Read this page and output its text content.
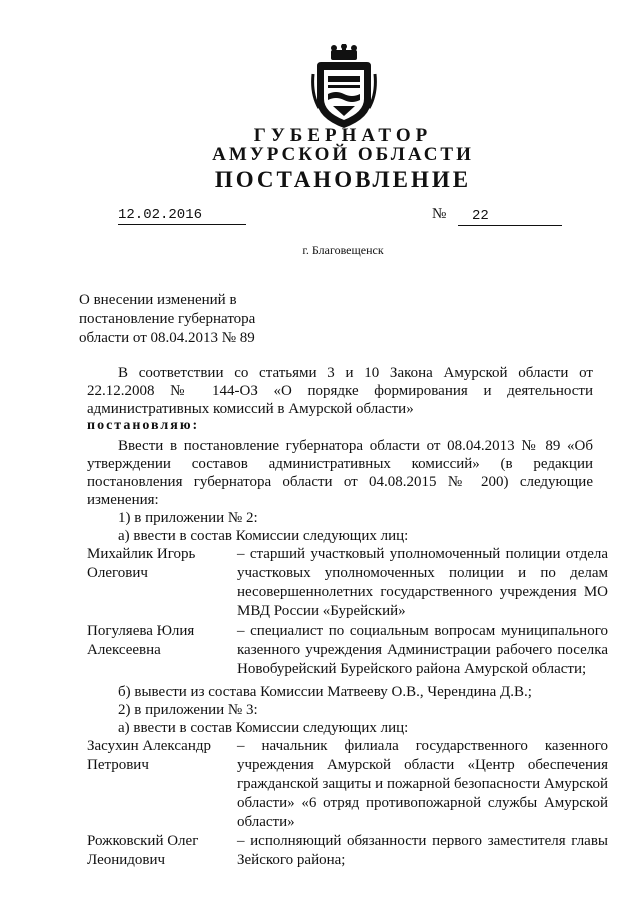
ГУБЕРНАТОР
АМУРСКОЙ ОБЛАСТИ
ПОСТАНОВЛЕНИЕ
12.02.2016	№	22
г. Благовещенск
О внесении изменений в
постановление губернатора
области от 08.04.2013 № 89
В соответствии со статьями 3 и 10 Закона Амурской области от 22.12.2008 № 144-ОЗ «О порядке формирования и деятельности административных комиссий в Амурской области»
постановляю:
Ввести в постановление губернатора области от 08.04.2013 № 89 «Об утверждении составов административных комиссий» (в редакции постановления губернатора области от 04.08.2015 № 200) следующие изменения:
1) в приложении № 2:
а) ввести в состав Комиссии следующих лиц:
Михайлик Игорь
Олегович
– старший участковый уполномоченный полиции отдела участковых уполномоченных полиции и по делам несовершеннолетних государственного учреждения МО МВД России «Бурейский»
Погуляева Юлия
Алексеевна
– специалист по социальным вопросам муниципального казенного учреждения Администрации рабочего поселка Новобурейский Бурейского района Амурской области;
б) вывести из состава Комиссии Матвееву О.В., Черендина Д.В.;
2) в приложении № 3:
а) ввести в состав Комиссии следующих лиц:
Засухин Александр
Петрович
– начальник филиала государственного казенного учреждения Амурской области «Центр обеспечения гражданской защиты и пожарной безопасности Амурской области» «6 отряд противопожарной службы Амурской области»
Рожковский Олег
Леонидович
– исполняющий обязанности первого заместителя главы Зейского района;
